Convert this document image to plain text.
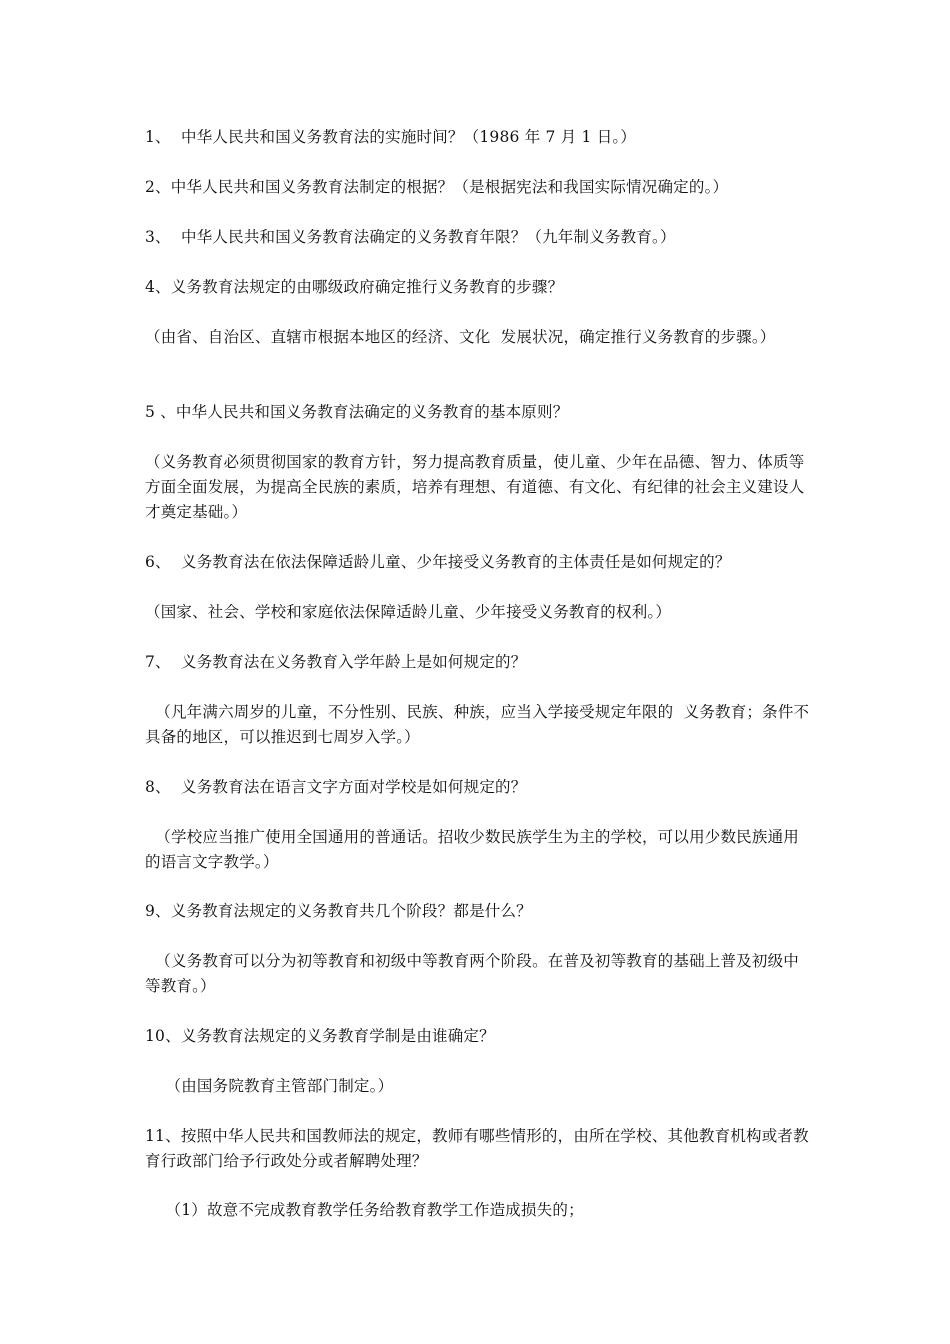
1、  中华人民共和国义务教育法的实施时间？（1986 年 7 月 1 日。）
2、中华人民共和国义务教育法制定的根据？（是根据宪法和我国实际情况确定的。）
3、  中华人民共和国义务教育法确定的义务教育年限？（九年制义务教育。）
4、义务教育法规定的由哪级政府确定推行义务教育的步骤？
（由省、自治区、直辖市根据本地区的经济、文化  发展状况，确定推行义务教育的步骤。）
5 、中华人民共和国义务教育法确定的义务教育的基本原则？
（义务教育必须贯彻国家的教育方针，努力提高教育质量，使儿童、少年在品德、智力、体质等方面全面发展，为提高全民族的素质，培养有理想、有道德、有文化、有纪律的社会主义建设人才奠定基础。）
6、  义务教育法在依法保障适龄儿童、少年接受义务教育的主体责任是如何规定的？
（国家、社会、学校和家庭依法保障适龄儿童、少年接受义务教育的权利。）
7、  义务教育法在义务教育入学年龄上是如何规定的？
（凡年满六周岁的儿童，不分性别、民族、种族，应当入学接受规定年限的  义务教育；条件不具备的地区，可以推迟到七周岁入学。）
8、  义务教育法在语言文字方面对学校是如何规定的？
（学校应当推广使用全国通用的普通话。招收少数民族学生为主的学校，可以用少数民族通用的语言文字教学。）
9、义务教育法规定的义务教育共几个阶段？都是什么？
（义务教育可以分为初等教育和初级中等教育两个阶段。在普及初等教育的基础上普及初级中等教育。）
10、义务教育法规定的义务教育学制是由谁确定？
（由国务院教育主管部门制定。）
11、按照中华人民共和国教师法的规定，教师有哪些情形的，由所在学校、其他教育机构或者教育行政部门给予行政处分或者解聘处理？
（1）故意不完成教育教学任务给教育教学工作造成损失的；
